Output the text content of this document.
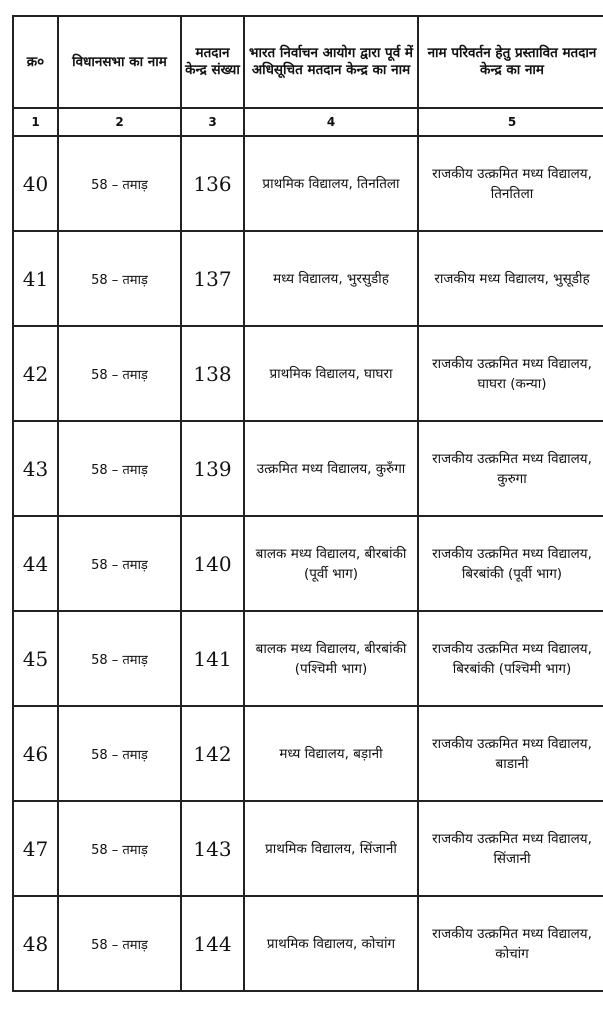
क्र०	विधानसभा का नाम	मतदान केन्द्र संख्या	भारत निर्वाचन आयोग द्वारा पूर्व में अधिसूचित मतदान केन्द्र का नाम	नाम परिवर्तन हेतु प्रस्तावित मतदान केन्द्र का नाम	
1	2	3	4	5	
40	58 – तमाड़	136	प्राथमिक विद्यालय, तिनतिला	राजकीय उत्क्रमित मध्य विद्यालय, तिनतिला	
41	58 – तमाड़	137	मध्य विद्यालय, भुरसुडीह	राजकीय मध्य विद्यालय, भुसूडीह	
42	58 – तमाड़	138	प्राथमिक विद्यालय, घाघरा	राजकीय उत्क्रमित मध्य विद्यालय, घाघरा (कन्या)	
43	58 – तमाड़	139	उत्क्रमित मध्य विद्यालय, कुरुँगा	राजकीय उत्क्रमित मध्य विद्यालय, कुरुगा	
44	58 – तमाड़	140	बालक मध्य विद्यालय, बीरबांकी (पूर्वी भाग)	राजकीय उत्क्रमित मध्य विद्यालय, बिरबांकी (पूर्वी भाग)	
45	58 – तमाड़	141	बालक मध्य विद्यालय, बीरबांकी (पश्चिमी भाग)	राजकीय उत्क्रमित मध्य विद्यालय, बिरबांकी (पश्चिमी भाग)	
46	58 – तमाड़	142	मध्य विद्यालय, बड़ानी	राजकीय उत्क्रमित मध्य विद्यालय, बाडानी	
47	58 – तमाड़	143	प्राथमिक विद्यालय, सिंजानी	राजकीय उत्क्रमित मध्य विद्यालय, सिंजानी	
48	58 – तमाड़	144	प्राथमिक विद्यालय, कोचांग	राजकीय उत्क्रमित मध्य विद्यालय, कोचांग	
